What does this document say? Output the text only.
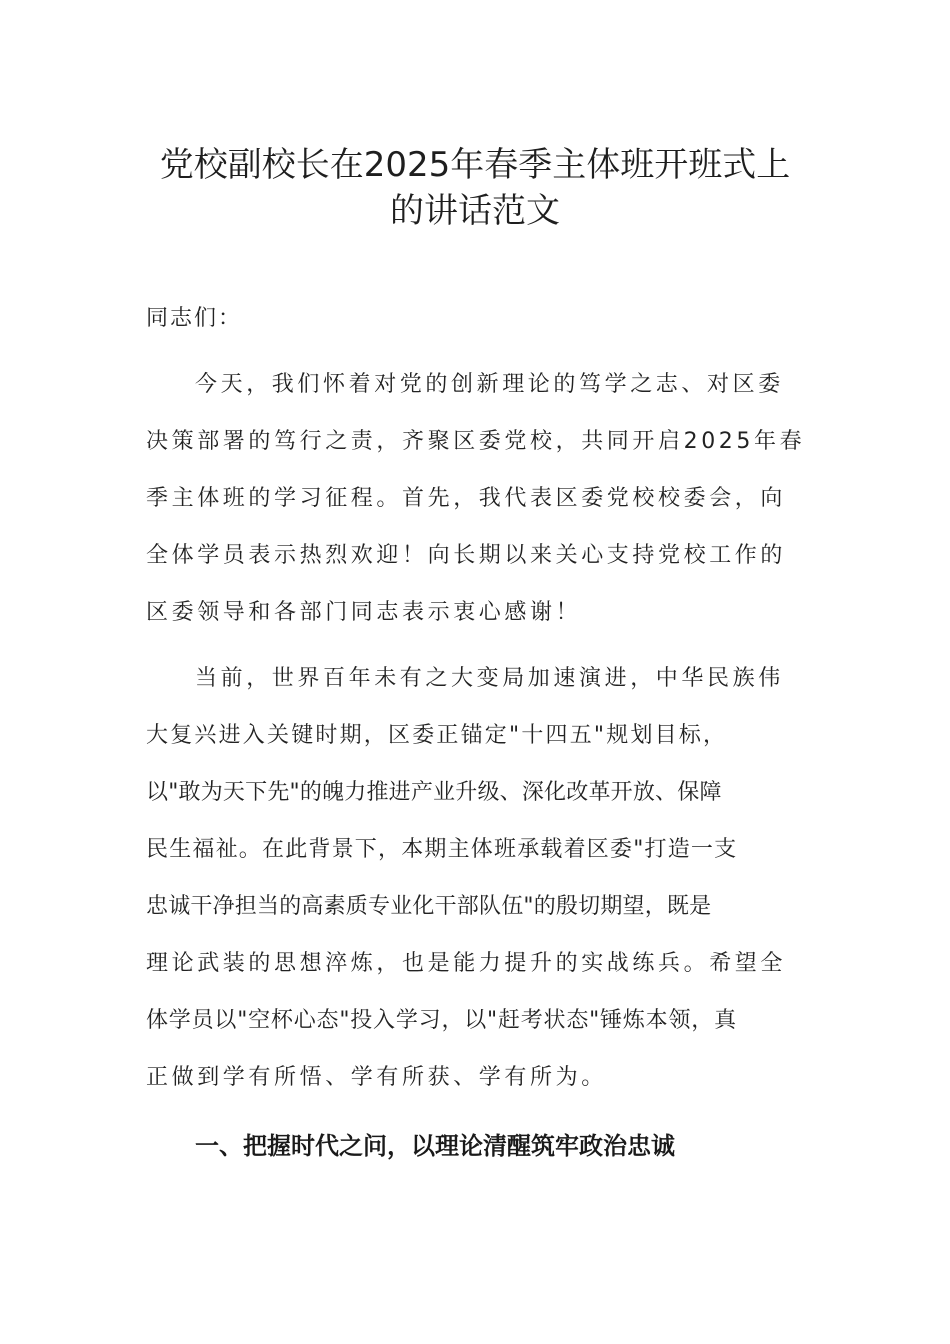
党校副校长在2025年春季主体班开班式上
的讲话范文
同志们：
今天，我们怀着对党的创新理论的笃学之志、对区委
决策部署的笃行之责，齐聚区委党校，共同开启2025年春
季主体班的学习征程。首先，我代表区委党校校委会，向
全体学员表示热烈欢迎！向长期以来关心支持党校工作的
区委领导和各部门同志表示衷心感谢！
当前，世界百年未有之大变局加速演进，中华民族伟
大复兴进入关键时期，区委正锚定"十四五"规划目标，
以"敢为天下先"的魄力推进产业升级、深化改革开放、保障
民生福祉。在此背景下，本期主体班承载着区委"打造一支
忠诚干净担当的高素质专业化干部队伍"的殷切期望，既是
理论武装的思想淬炼，也是能力提升的实战练兵。希望全
体学员以"空杯心态"投入学习，以"赶考状态"锤炼本领，真
正做到学有所悟、学有所获、学有所为。
一、把握时代之问，以理论清醒筑牢政治忠诚
